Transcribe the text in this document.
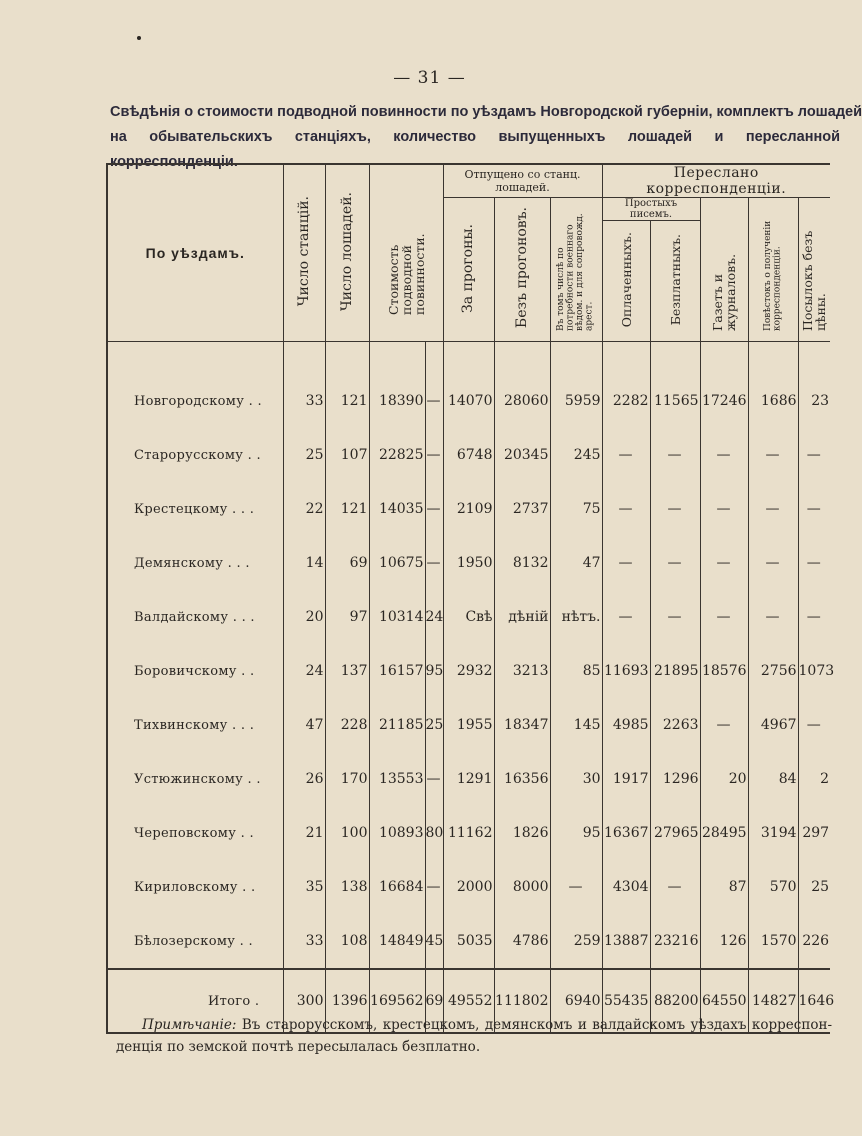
— 31 —
Свѣдѣнія о стоимости подводной повинности по уѣздамъ Новгородской губерніи, комплектъ лошадей
на обывательскихъ станціяхъ, количество выпущенныхъ лошадей и пересланной корреспонденціи.
По уѣздамъ.	Число станцій.	Число лошадей.	Стоимость подводной повинности.		Отпущено со станц. лошадей.			Переслано корреспонденціи.				
					За прогоны.	Безъ прогоновъ.	Въ томъ числѣ по потребности военнаго вѣдом. и для сопровожд. арест.	Простыхъ писемъ.		Газетъ и журналовъ.	Повѣстокъ о полученіи корреспонденціи.	Посылокъ безъ цѣны.
								Оплаченныхъ.	Безплатныхъ.			
Новгородскому . .	33	121	18390	—	14070	28060	5959	2282	11565	17246	1686	23
Старорусскому . .	25	107	22825	—	6748	20345	245	—	—	—	—	—
Крестецкому . . .	22	121	14035	—	2109	2737	75	—	—	—	—	—
Демянскому . . .	14	69	10675	—	1950	8132	47	—	—	—	—	—
Валдайскому . . .	20	97	10314	24	Свѣ	дѣній	нѣтъ.	—	—	—	—	—
Боровичскому . .	24	137	16157	95	2932	3213	85	11693	21895	18576	2756	1073
Тихвинскому . . .	47	228	21185	25	1955	18347	145	4985	2263	—	4967	—
Устюжинскому . .	26	170	13553	—	1291	16356	30	1917	1296	20	84	2
Череповскому . .	21	100	10893	80	11162	1826	95	16367	27965	28495	3194	297
Кириловскому . .	35	138	16684	—	2000	8000	—	4304	—	87	570	25
Бѣлозерскому . .	33	108	14849	45	5035	4786	259	13887	23216	126	1570	226
Итого .	300	1396	169562	69	49552	111802	6940	55435	88200	64550	14827	1646
Примѣчаніе: Въ старорусскомъ, крестецкомъ, демянскомъ и валдайскомъ уѣздахъ корреспон-
денція по земской почтѣ пересылалась безплатно.
